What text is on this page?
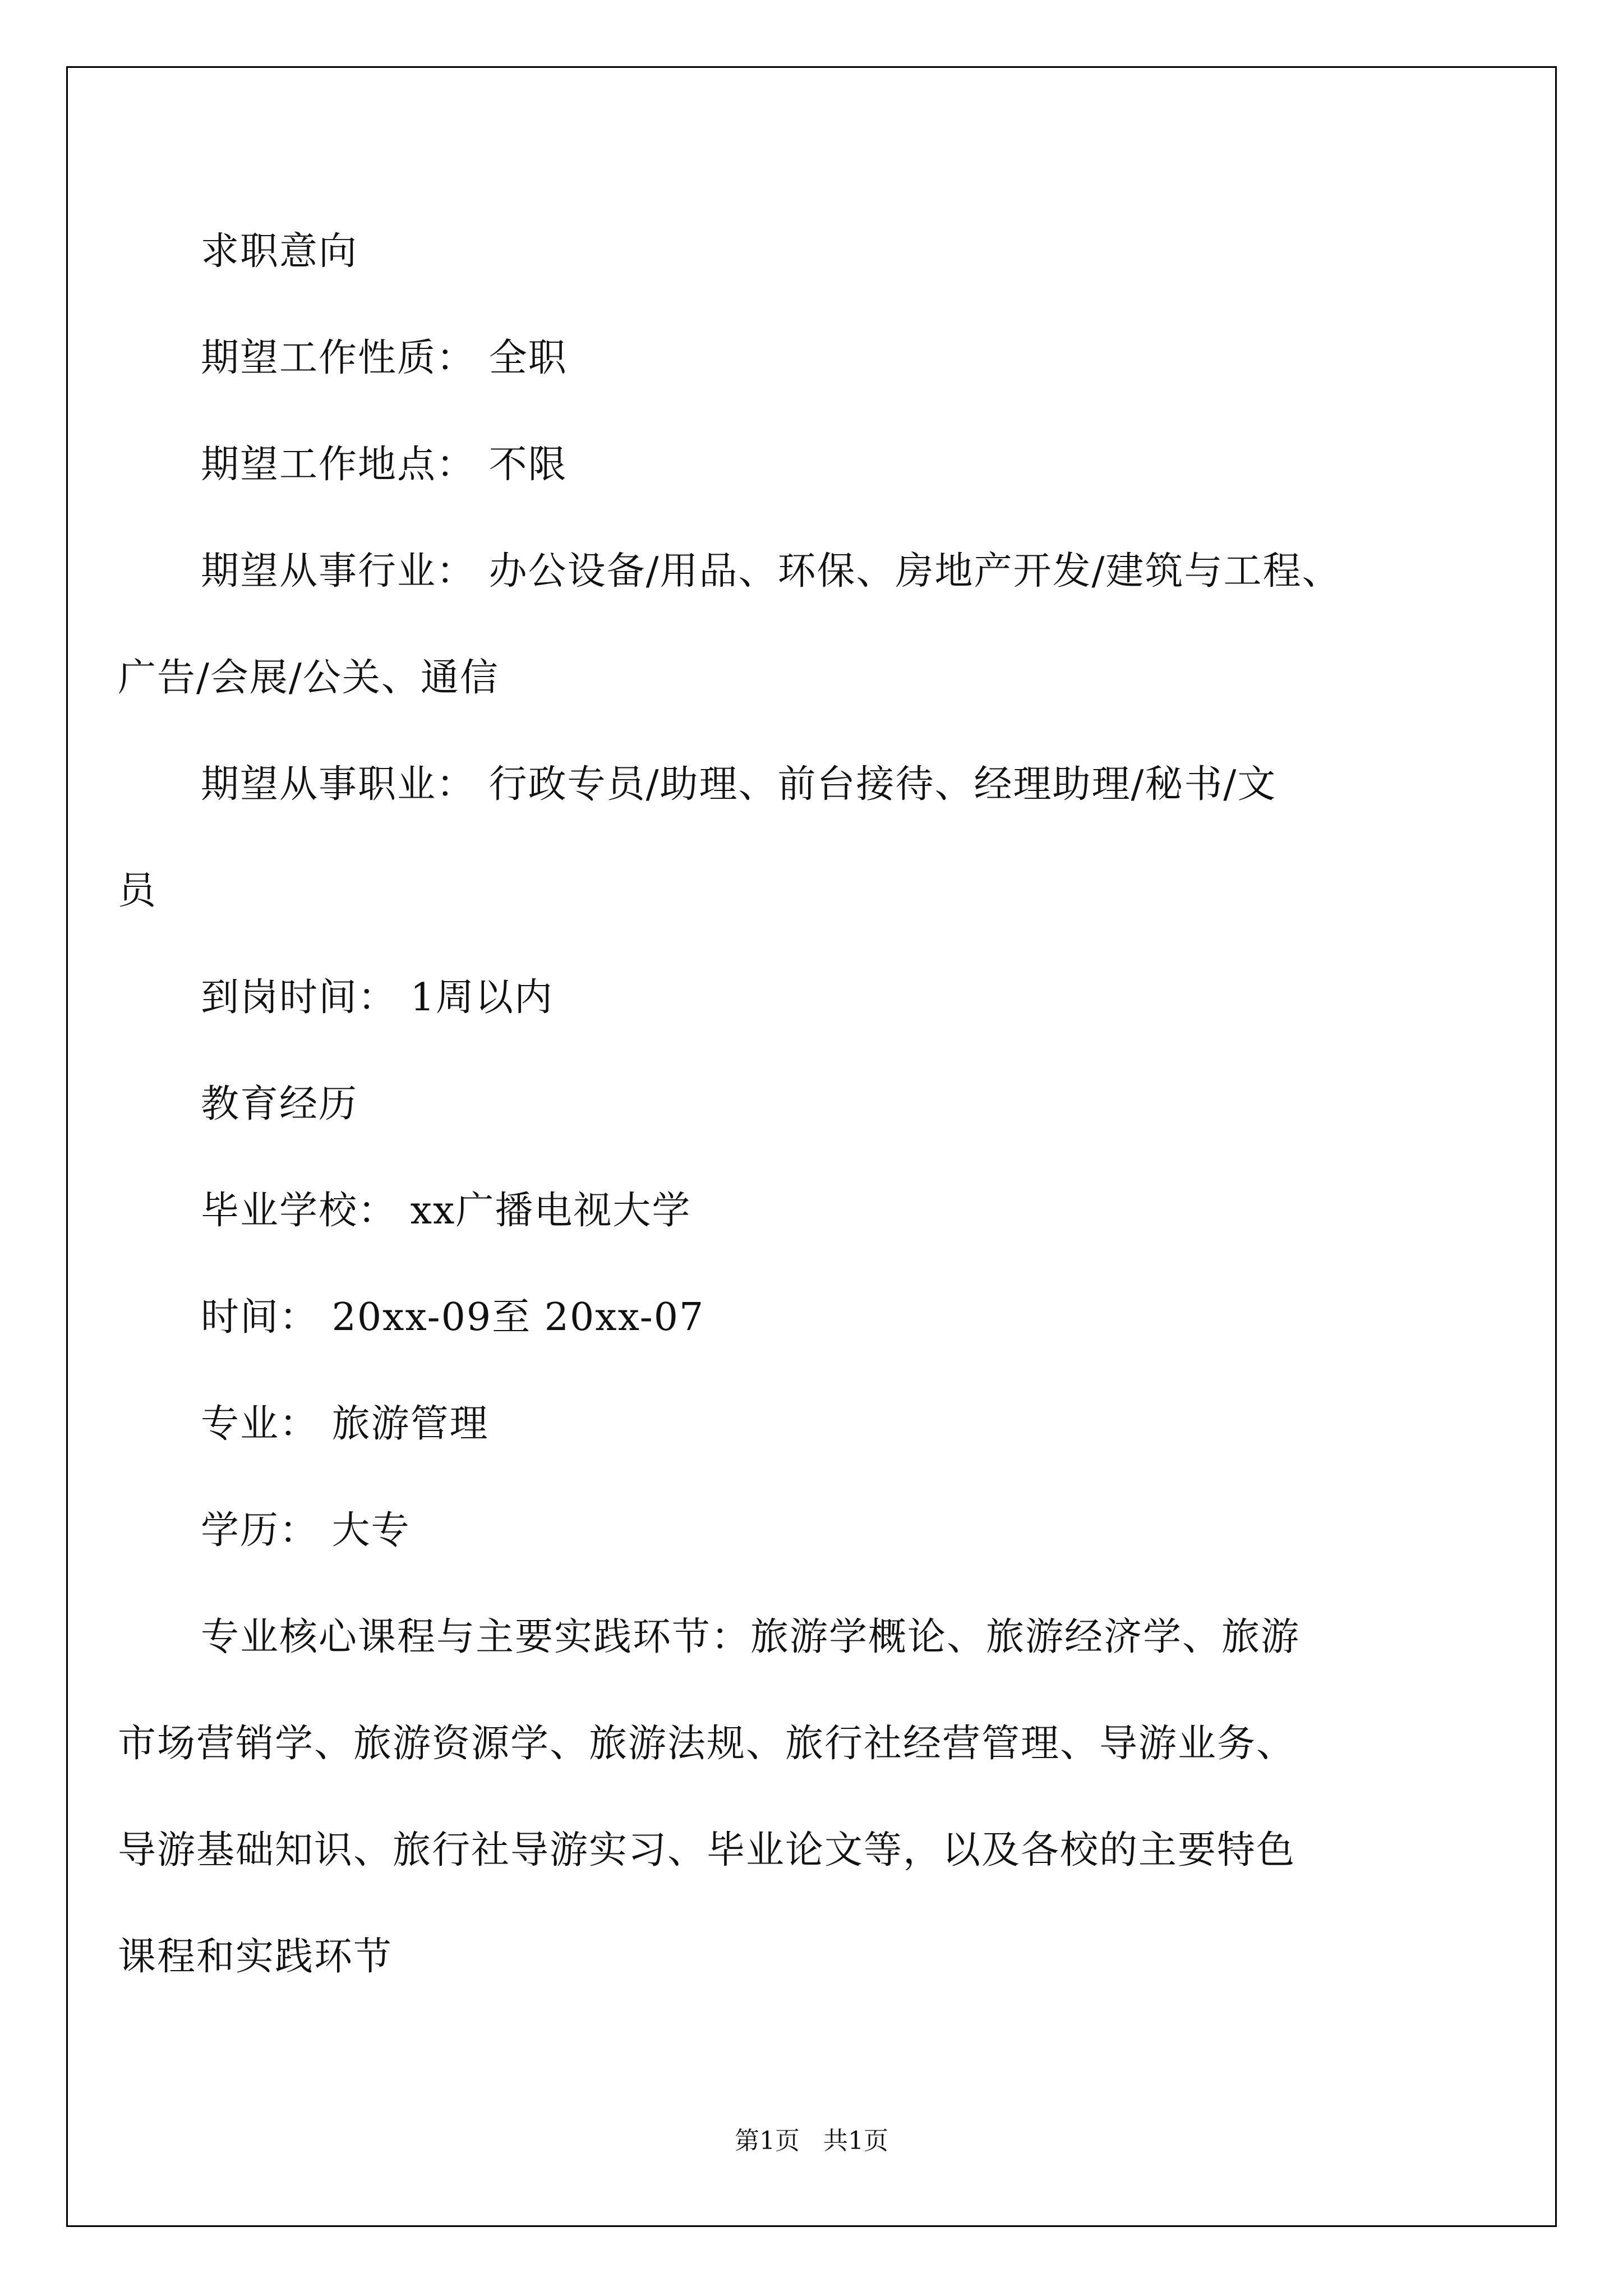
求职意向
期望工作性质： 全职
期望工作地点： 不限
期望从事行业： 办公设备/用品、环保、房地产开发/建筑与工程、
广告/会展/公关、通信
期望从事职业： 行政专员/助理、前台接待、经理助理/秘书/文
员
到岗时间： 1周以内
教育经历
毕业学校： xx广播电视大学
时间： 20xx-09至 20xx-07
专业： 旅游管理
学历： 大专
专业核心课程与主要实践环节：旅游学概论、旅游经济学、旅游
市场营销学、旅游资源学、旅游法规、旅行社经营管理、导游业务、
导游基础知识、旅行社导游实习、毕业论文等，以及各校的主要特色
课程和实践环节
第1页   共1页
